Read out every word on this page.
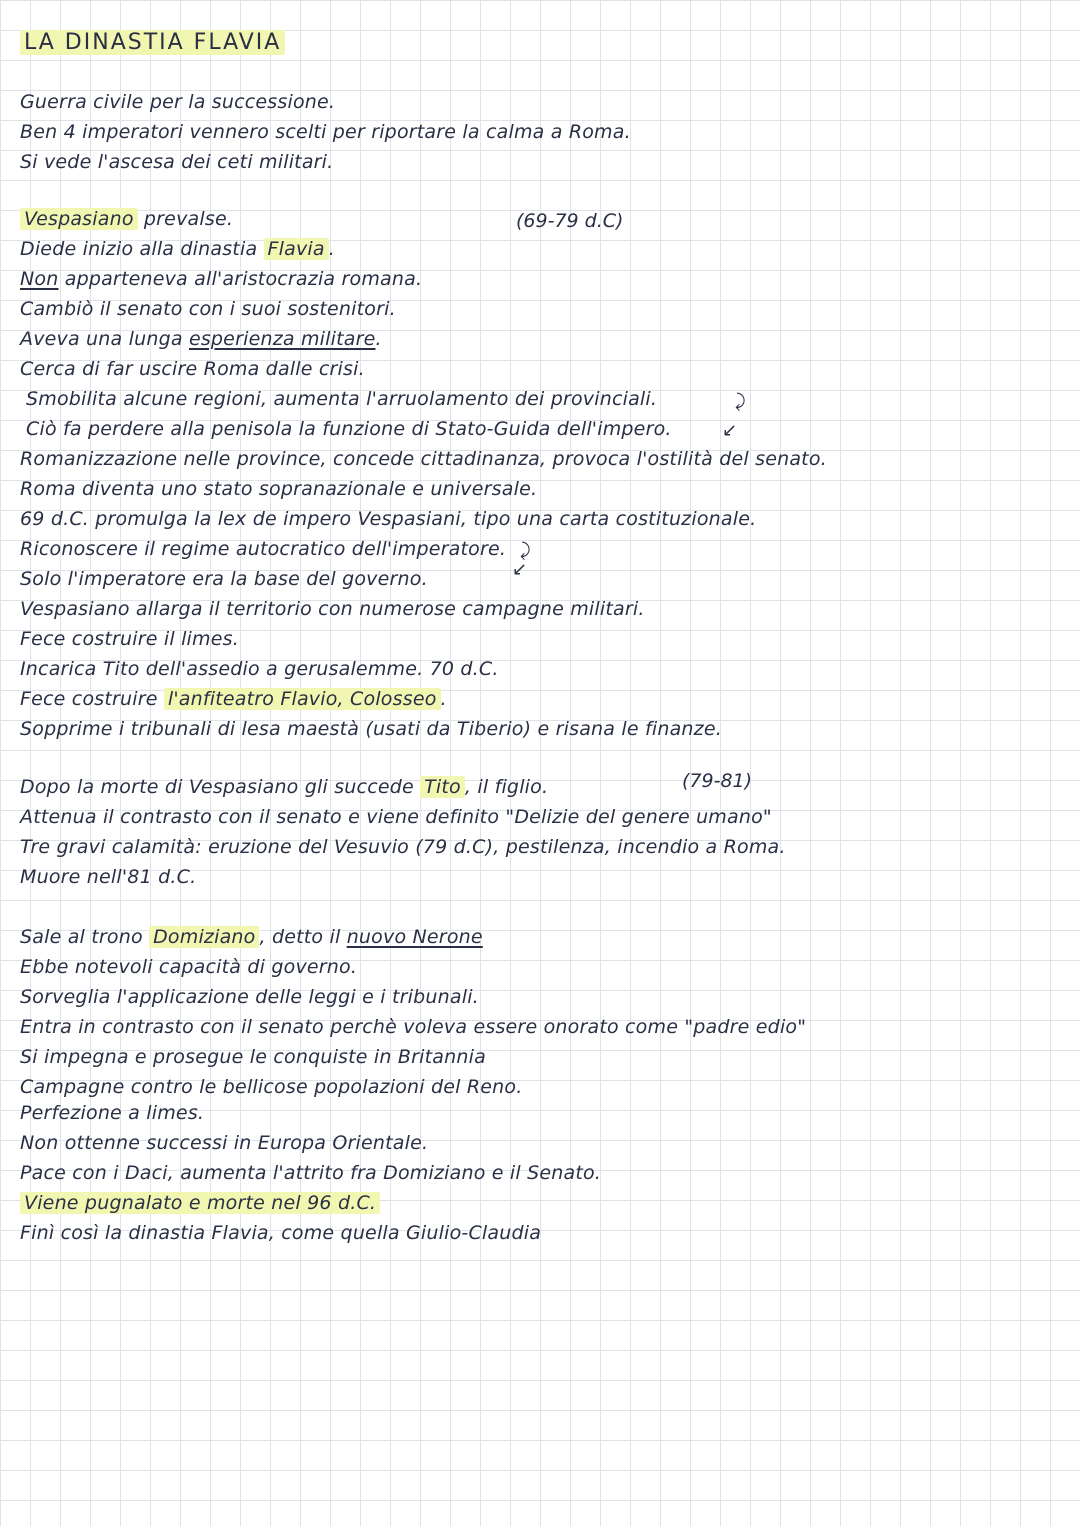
LA DINASTIA FLAVIA
Guerra civile per la successione.
Ben 4 imperatori vennero scelti per riportare la calma a Roma.
Si vede l'ascesa dei ceti militari.
(69-79 d.C)
Vespasiano prevalse.
Diede inizio alla dinastia Flavia .
Non apparteneva all'aristocrazia romana.
Cambiò il senato con i suoi sostenitori.
Aveva una lunga esperienza militare.
Cerca di far uscire Roma dalle crisi.
Smobilita alcune regioni, aumenta l'arruolamento dei provinciali.	⤸
Ciò fa perdere alla penisola la funzione di Stato-Guida dell'impero.	↙
Romanizzazione nelle province, concede cittadinanza, provoca l'ostilità del senato.
Roma diventa uno stato sopranazionale e universale.
69 d.C. promulga la lex de impero Vespasiani, tipo una carta costituzionale.
Riconoscere il regime autocratico dell'imperatore. ⤸
Solo l'imperatore era la base del governo.	↙
Vespasiano allarga il territorio con numerose campagne militari.
Fece costruire il limes.
Incarica Tito dell'assedio a gerusalemme. 70 d.C.
Fece costruire l'anfiteatro Flavio, Colosseo .
Sopprime i tribunali di lesa maestà (usati da Tiberio) e risana le finanze.
(79-81)
Dopo la morte di Vespasiano gli succede Tito , il figlio.
Attenua il contrasto con il senato e viene definito "Delizie del genere umano"
Tre gravi calamità: eruzione del Vesuvio (79 d.C), pestilenza, incendio a Roma.
Muore nell'81 d.C.
Sale al trono Domiziano , detto il nuovo Nerone
Ebbe notevoli capacità di governo.
Sorveglia l'applicazione delle leggi e i tribunali.
Entra in contrasto con il senato perchè voleva essere onorato come "padre edio"
Si impegna e prosegue le conquiste in Britannia
Campagne contro le bellicose popolazioni del Reno.
Perfezione a limes.
Non ottenne successi in Europa Orientale.
Pace con i Daci, aumenta l'attrito fra Domiziano e il Senato.
Viene pugnalato e morte nel 96 d.C.
Finì così la dinastia Flavia, come quella Giulio-Claudia
